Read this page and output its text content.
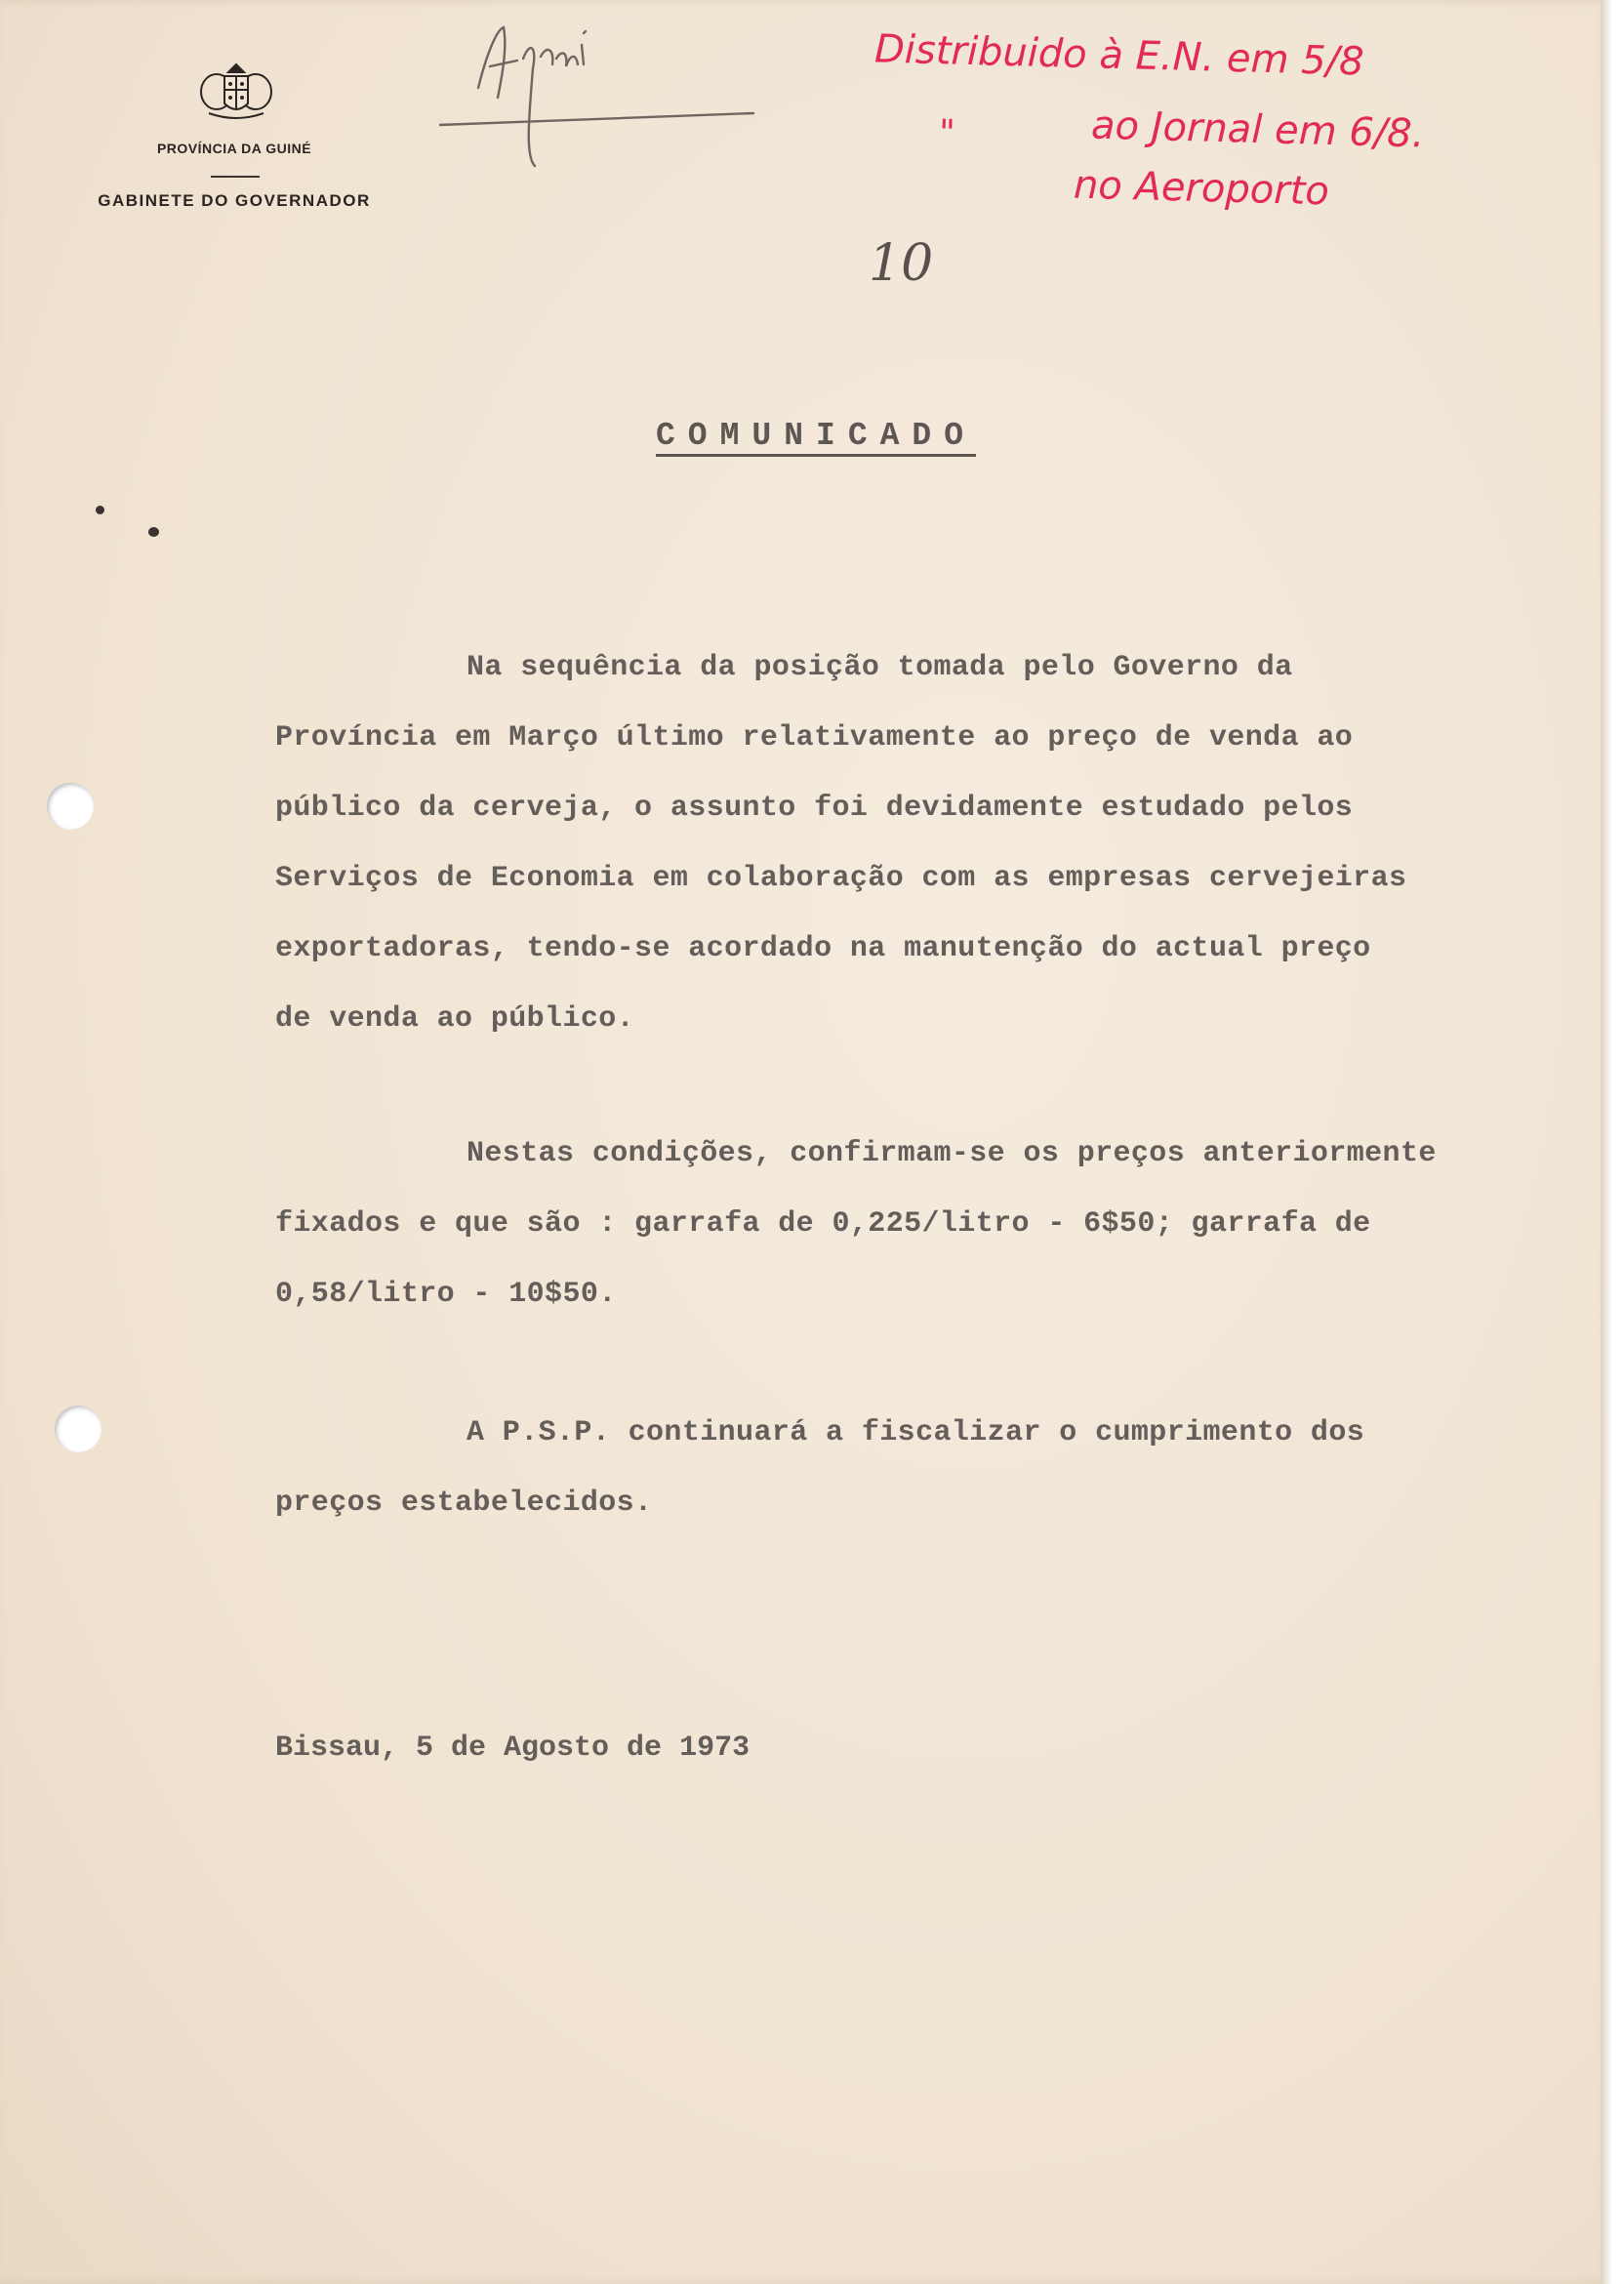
PROVÍNCIA DA GUINÉ
GABINETE DO GOVERNADOR
Distribuido à E.N. em 5/8
"	ao Jornal em 6/8.
no Aeroporto
10
COMUNICADO
Na sequência da posição tomada pelo Governo da
Província em Março último relativamente ao preço de venda ao
público da cerveja, o assunto foi devidamente estudado pelos
Serviços de Economia em colaboração com as empresas cervejeiras
exportadoras, tendo-se acordado na manutenção do actual preço
de venda ao público.
Nestas condições, confirmam-se os preços anteriormente
fixados e que são : garrafa de 0,225/litro - 6$50; garrafa de
0,58/litro - 10$50.
A P.S.P. continuará a fiscalizar o cumprimento dos
preços estabelecidos.
Bissau, 5 de Agosto de 1973
